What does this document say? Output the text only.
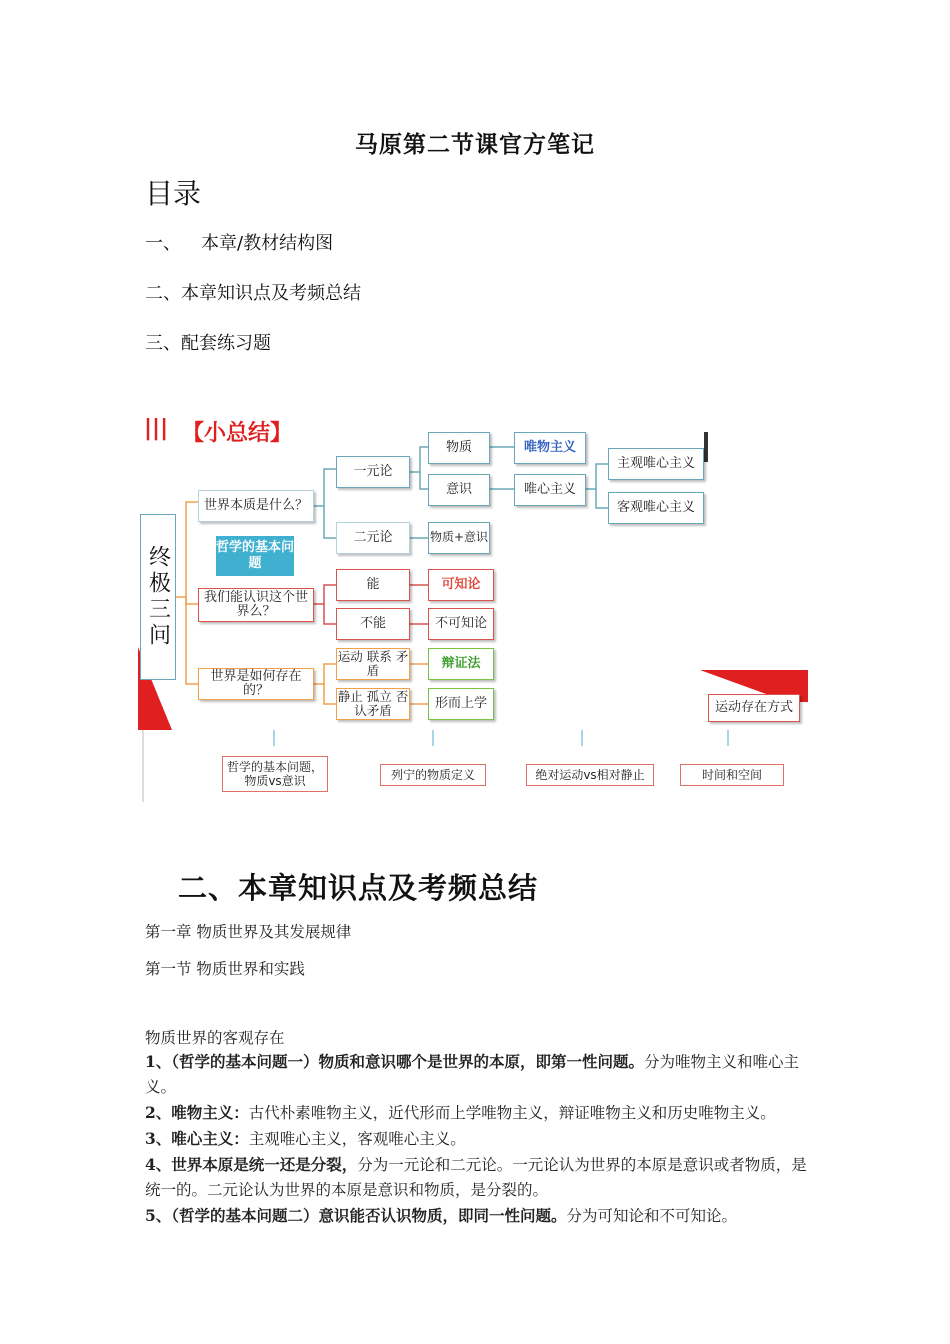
马原第二节课官方笔记
目录
一、 本章/教材结构图
二、本章知识点及考频总结
三、配套练习题
||| 【小总结】
终极三问	哲学的基本问题
世界本质是什么？
我们能认识这个世界么？
世界是如何存在的？
一元论
二元论
物质
意识
物质+意识
唯物主义
唯心主义
主观唯心主义
客观唯心主义
能
不能
可知论
不可知论
运动 联系 矛盾
静止 孤立 否认矛盾
辩证法
形而上学	运动存在方式
哲学的基本问题，物质vs意识	列宁的物质定义	绝对运动vs相对静止	时间和空间
二、本章知识点及考频总结
第一章 物质世界及其发展规律
第一节 物质世界和实践
物质世界的客观存在

1、（哲学的基本问题一）物质和意识哪个是世界的本原，即第一性问题。分为唯物主义和唯心主义。

2、唯物主义：古代朴素唯物主义，近代形而上学唯物主义，辩证唯物主义和历史唯物主义。

3、唯心主义：主观唯心主义，客观唯心主义。

4、世界本原是统一还是分裂，分为一元论和二元论。一元论认为世界的本原是意识或者物质，是统一的。二元论认为世界的本原是意识和物质，是分裂的。

5、（哲学的基本问题二）意识能否认识物质，即同一性问题。分为可知论和不可知论。
